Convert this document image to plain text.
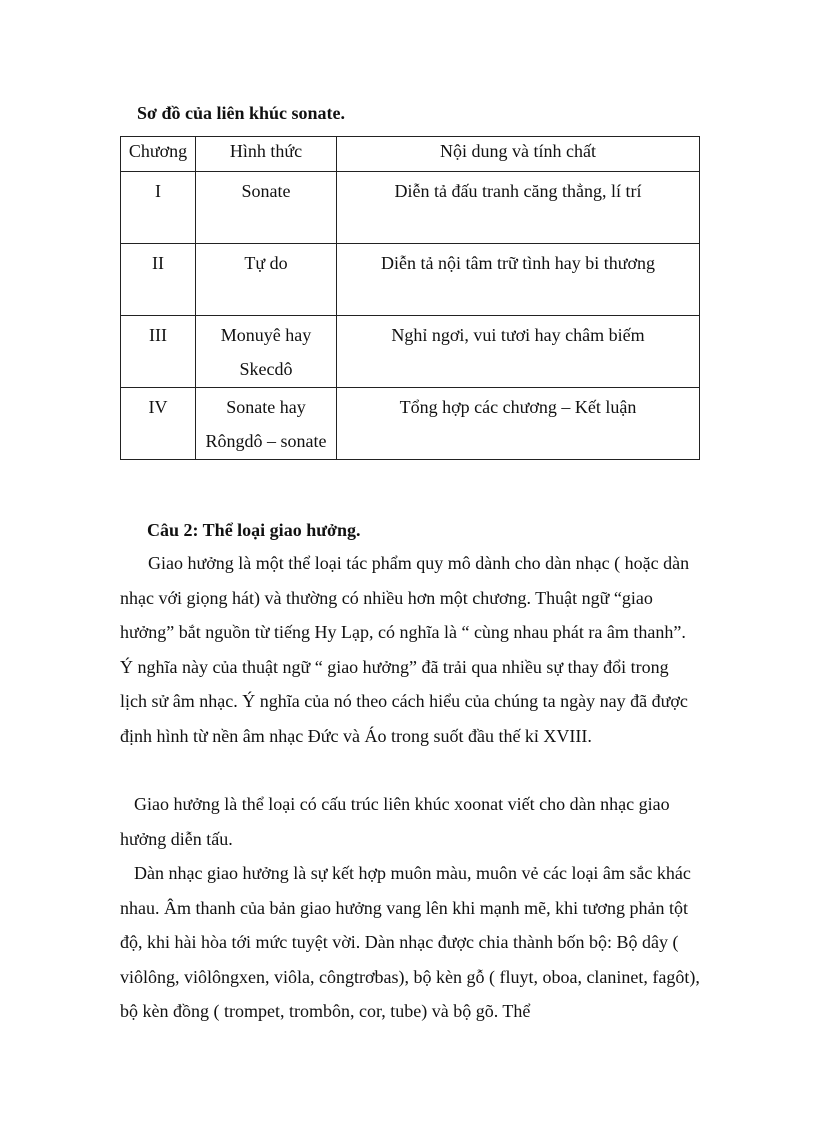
Sơ đồ của liên khúc sonate.
Chương	Hình thức	Nội dung và tính chất
I	Sonate	Diễn tả đấu tranh căng thẳng, lí trí
II	Tự do	Diễn tả nội tâm trữ tình hay bi thương
III	Monuyê hay Skecdô	Nghỉ ngơi, vui tươi hay châm biếm
IV	Sonate hay Rôngdô – sonate	Tổng hợp các chương – Kết luận
Câu 2: Thể loại giao hưởng.

Giao hưởng là một thể loại tác phẩm quy mô dành cho dàn nhạc ( hoặc dàn nhạc với giọng hát) và thường có nhiều hơn một chương. Thuật ngữ “giao hưởng” bắt nguồn từ tiếng Hy Lạp, có nghĩa là “ cùng nhau phát ra âm thanh”. Ý nghĩa này của thuật ngữ “ giao hưởng” đã trải qua nhiều sự thay đổi trong lịch sử âm nhạc. Ý nghĩa của nó theo cách hiểu của chúng ta ngày nay đã được định hình từ nền âm nhạc Đức và Áo trong suốt đầu thế kỉ XVIII.

Giao hưởng là thể loại có cấu trúc liên khúc xoonat viết cho dàn nhạc giao hưởng diễn tấu.

Dàn nhạc giao hưởng là sự kết hợp muôn màu, muôn vẻ các loại âm sắc khác nhau. Âm thanh của bản giao hưởng vang lên khi mạnh mẽ, khi tương phản tột độ, khi hài hòa tới mức tuyệt vời. Dàn nhạc được chia thành bốn bộ: Bộ dây ( viôlông, viôlôngxen, viôla, côngtrơbas), bộ kèn gỗ ( fluyt, oboa, claninet, fagôt), bộ kèn đồng ( trompet, trombôn, cor, tube) và bộ gõ. Thể
